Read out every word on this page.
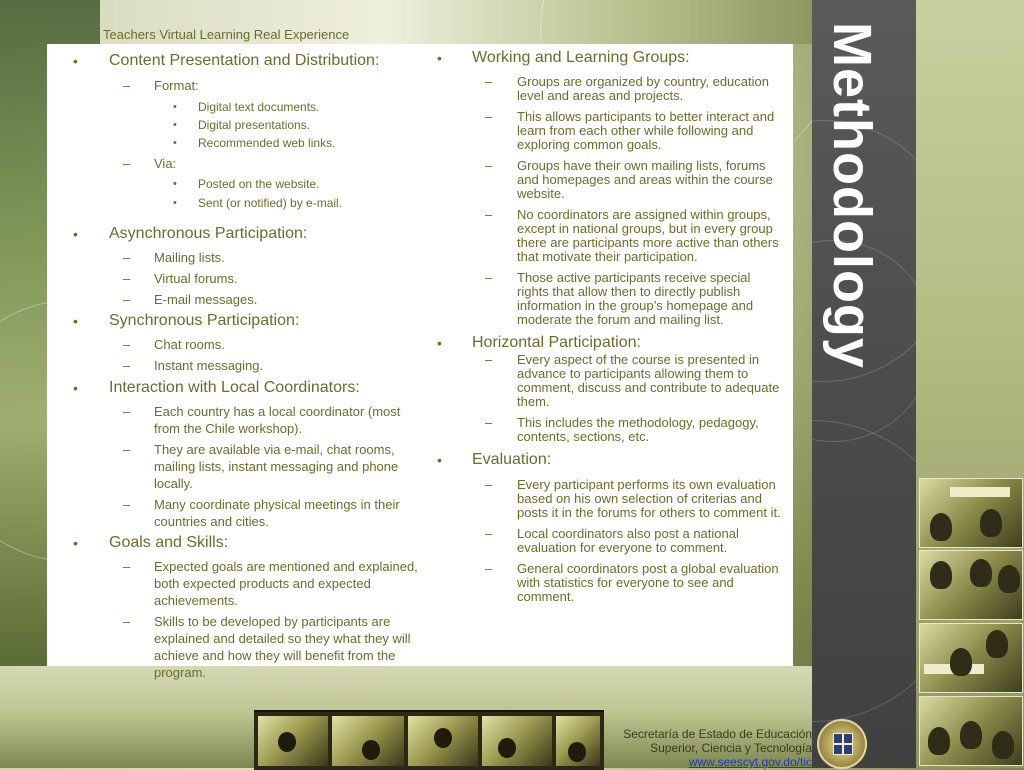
Teachers Virtual Learning Real Experience
• Content Presentation and Distribution:
– Format:
• Digital text documents.
• Digital presentations.
• Recommended web links.
– Via:
• Posted on the website.
• Sent (or notified) by e-mail.
• Asynchronous Participation:
– Mailing lists.
– Virtual forums.
– E-mail messages.
• Synchronous Participation:
– Chat rooms.
– Instant messaging.
• Interaction with Local Coordinators:
– Each country has a local coordinator (most from the Chile workshop).
– They are available via e-mail, chat rooms, mailing lists, instant messaging and phone locally.
– Many coordinate physical meetings in their countries and cities.
• Goals and Skills:
– Expected goals are mentioned and explained, both expected products and expected achievements.
– Skills to be developed by participants are explained and detailed so they what they will achieve and how they will benefit from the program.
• Working and Learning Groups:
– Groups are organized by country, education level and areas and projects.
– This allows participants to better interact and learn from each other while following and exploring common goals.
– Groups have their own mailing lists, forums and homepages and areas within the course website.
– No coordinators are assigned within groups, except in national groups, but in every group there are participants more active than others that motivate their participation.
– Those active participants receive special rights that allow then to directly publish information in the group’s homepage and moderate the forum and mailing list.
• Horizontal Participation:
– Every aspect of the course is presented in advance to participants allowing them to comment, discuss and contribute to adequate them.
– This includes the methodology, pedagogy, contents, sections, etc.
• Evaluation:
– Every participant performs its own evaluation based on his own selection of criterias and posts it in the forums for others to comment it.
– Local coordinators also post a national evaluation for everyone to comment.
– General coordinators post a global evaluation with statistics for everyone to see and comment.
Methodology
Secretaría de Estado de Educación
Superior, Ciencia y Tecnología
www.seescyt.gov.do/tic
